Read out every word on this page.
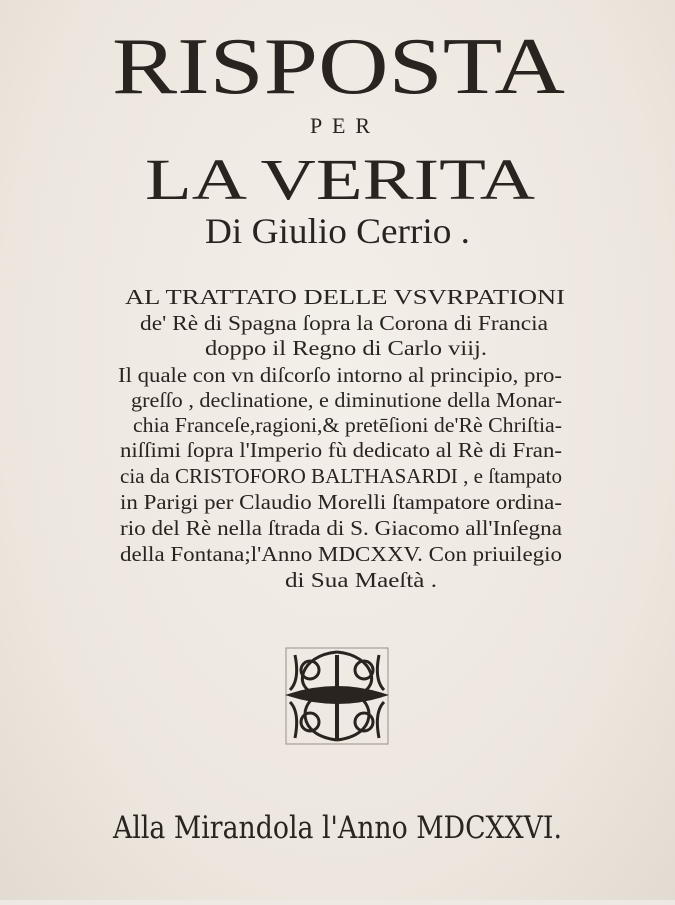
RISPOSTA
PER
LA VERITA
Di Giulio Cerrio .
AL TRATTATO DELLE VSVRPATIONI
de' Rè di Spagna ſopra la Corona di Francia
doppo il Regno di Carlo viij.
Il quale con vn diſcorſo intorno al principio, pro-
greſſo , declinatione, e diminutione della Monar-
chia Franceſe,ragioni,& pretēſioni de'Rè Chriſtia-
niſſimi ſopra l'Imperio fù dedicato al Rè di Fran-
cia da CRISTOFORO BALTHASARDI , e ſtampato
in Parigi per Claudio Morelli ſtampatore ordina-
rio del Rè nella ſtrada di S. Giacomo all'Inſegna
della Fontana;l'Anno MDCXXV. Con priuilegio
di Sua Maeſtà .
Alla Mirandola l'Anno MDCXXVI.
